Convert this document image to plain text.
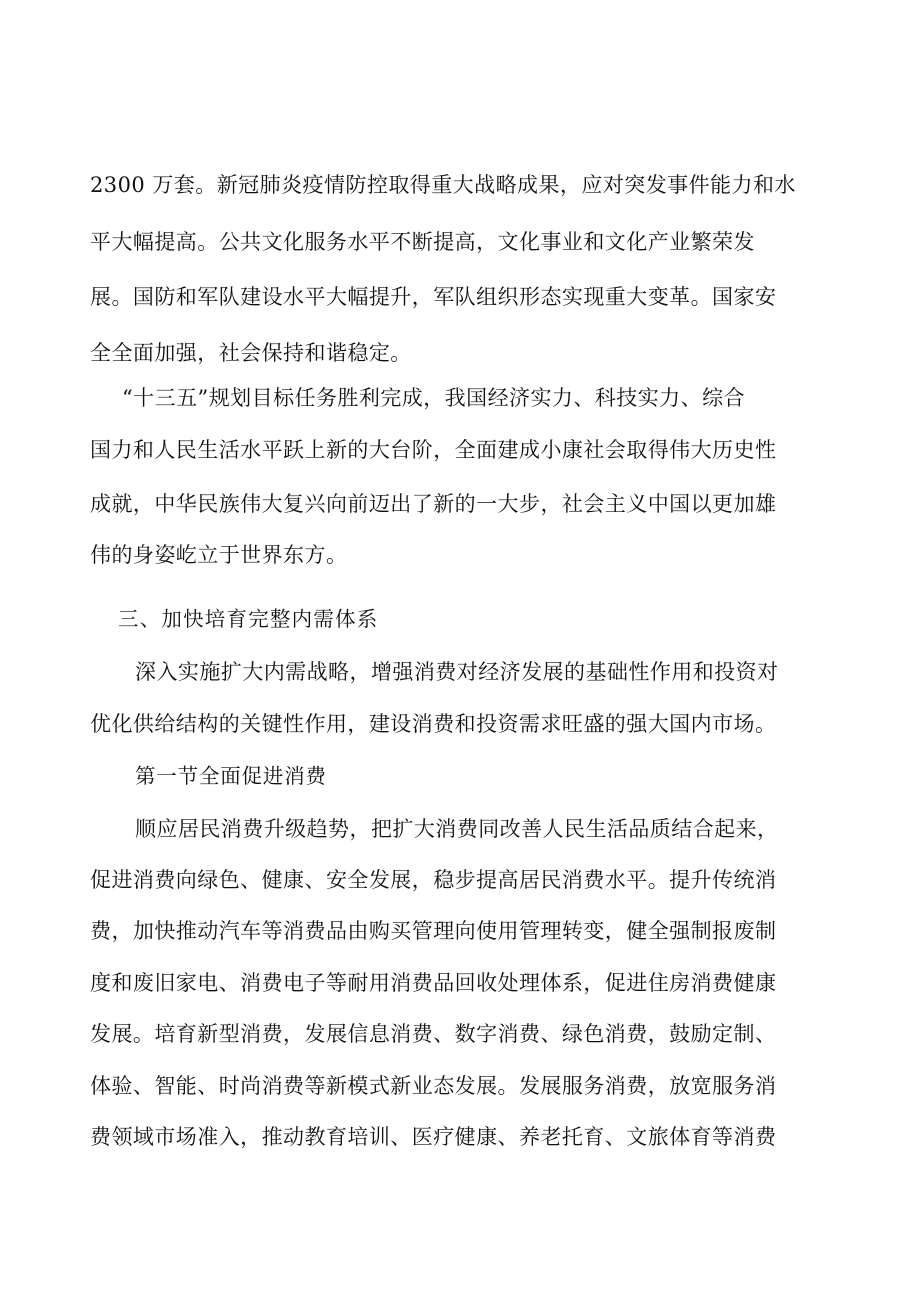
2300 万套。新冠肺炎疫情防控取得重大战略成果，应对突发事件能力和水
平大幅提高。公共文化服务水平不断提高，文化事业和文化产业繁荣发
展。国防和军队建设水平大幅提升，军队组织形态实现重大变革。国家安
全全面加强，社会保持和谐稳定。
“十三五”规划目标任务胜利完成，我国经济实力、科技实力、综合
国力和人民生活水平跃上新的大台阶，全面建成小康社会取得伟大历史性
成就，中华民族伟大复兴向前迈出了新的一大步，社会主义中国以更加雄
伟的身姿屹立于世界东方。
三、加快培育完整内需体系
深入实施扩大内需战略，增强消费对经济发展的基础性作用和投资对
优化供给结构的关键性作用，建设消费和投资需求旺盛的强大国内市场。
第一节全面促进消费
顺应居民消费升级趋势，把扩大消费同改善人民生活品质结合起来，
促进消费向绿色、健康、安全发展，稳步提高居民消费水平。提升传统消
费，加快推动汽车等消费品由购买管理向使用管理转变，健全强制报废制
度和废旧家电、消费电子等耐用消费品回收处理体系，促进住房消费健康
发展。培育新型消费，发展信息消费、数字消费、绿色消费，鼓励定制、
体验、智能、时尚消费等新模式新业态发展。发展服务消费，放宽服务消
费领域市场准入，推动教育培训、医疗健康、养老托育、文旅体育等消费
